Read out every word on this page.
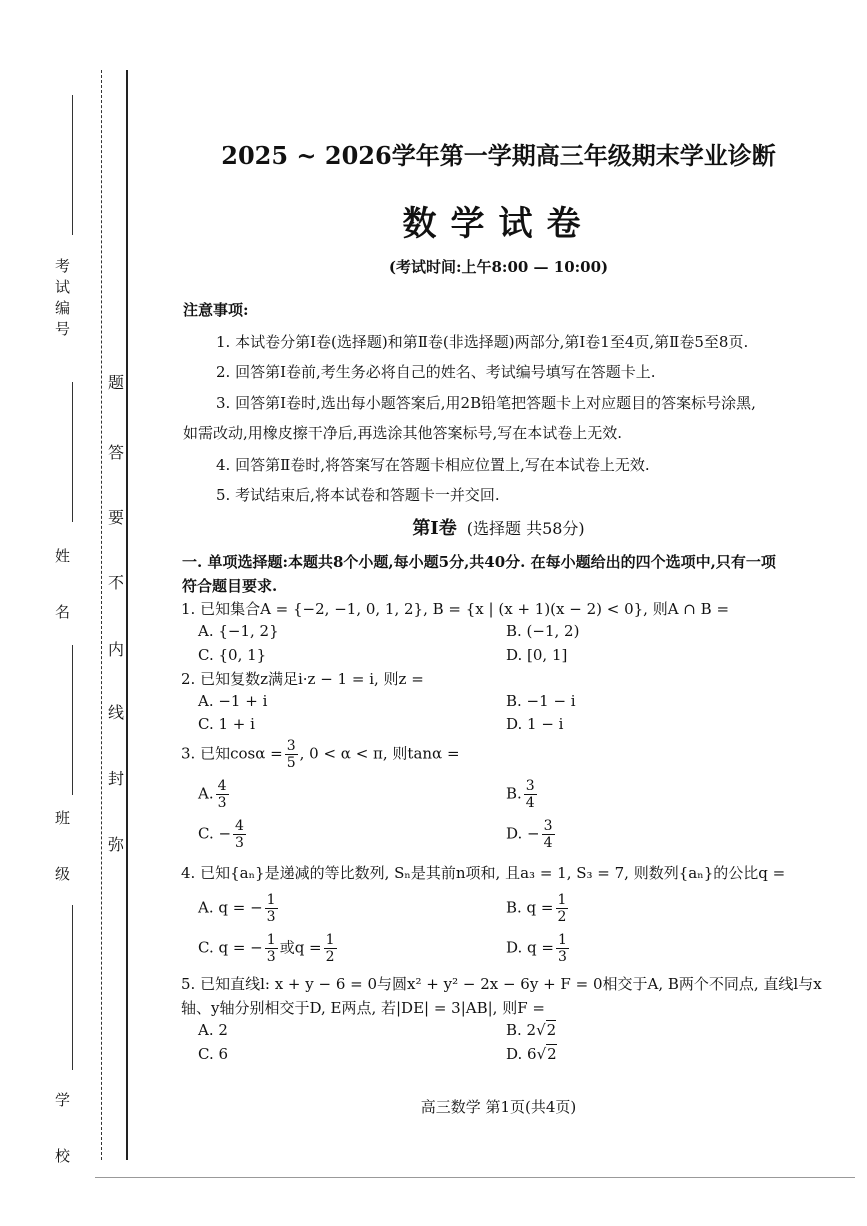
考试编号
姓 名
班 级
学 校
题
答
要
不
内
线
封
弥
2025 ~ 2026学年第一学期高三年级期末学业诊断
数学试卷
(考试时间:上午8:00 — 10:00)
注意事项:
1. 本试卷分第Ⅰ卷(选择题)和第Ⅱ卷(非选择题)两部分,第Ⅰ卷1至4页,第Ⅱ卷5至8页.
2. 回答第Ⅰ卷前,考生务必将自己的姓名、考试编号填写在答题卡上.
3. 回答第Ⅰ卷时,选出每小题答案后,用2B铅笔把答题卡上对应题目的答案标号涂黑,
如需改动,用橡皮擦干净后,再选涂其他答案标号,写在本试卷上无效.
4. 回答第Ⅱ卷时,将答案写在答题卡相应位置上,写在本试卷上无效.
5. 考试结束后,将本试卷和答题卡一并交回.
第Ⅰ卷 (选择题 共58分)
一. 单项选择题:本题共8个小题,每小题5分,共40分. 在每小题给出的四个选项中,只有一项
符合题目要求.
1. 已知集合A = {−2, −1, 0, 1, 2}, B = {x | (x + 1)(x − 2) < 0}, 则A ∩ B =
A. {−1, 2}	B. (−1, 2)
C. {0, 1}	D. [0, 1]
2. 已知复数z满足i·z − 1 = i, 则z =
A. −1 + i	B. −1 − i
C. 1 + i	D. 1 − i
3. 已知$\cos\alpha = \frac{3}{5}$ , 0 < α < π, 则tanα =
A. $\frac{4}{3}$	B. $\frac{3}{4}$
C. − $\frac{4}{3}$	D. − $\frac{3}{4}$
4. 已知{aₙ}是递减的等比数列, Sₙ是其前n项和, 且a₃ = 1, S₃ = 7, 则数列{aₙ}的公比q =
A. q = − $\frac{1}{3}$	B. $q = \frac{1}{2}$
C. q = − $\frac{1}{3}$ 或$q = \frac{1}{2}$	D. $q = \frac{1}{3}$
5. 已知直线l: x + y − 6 = 0与圆x² + y² − 2x − 6y + F = 0相交于A, B两个不同点, 直线l与x
轴、y轴分别相交于D, E两点, 若|DE| = 3|AB|, 则F =
A. 2	B. 2√2
C. 6	D. 6√2
高三数学 第1页(共4页)
